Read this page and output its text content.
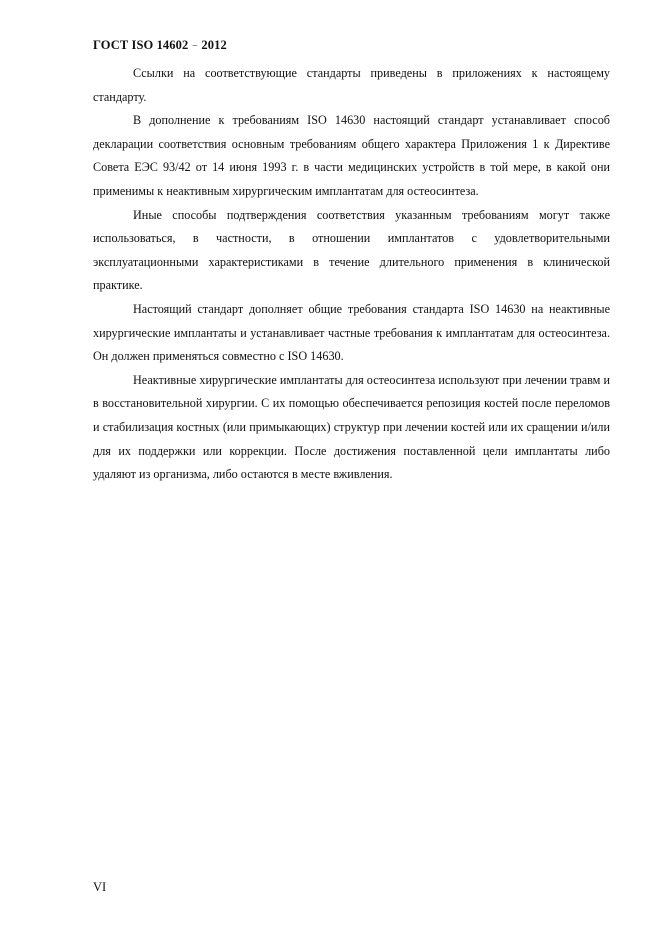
ГОСТ ISO 14602 – 2012

Ссылки на соответствующие стандарты приведены в приложениях к настоящему стандарту.

В дополнение к требованиям ISO 14630 настоящий стандарт устанавливает способ декларации соответствия основным требованиям общего характера Приложения 1 к Директиве Совета ЕЭС 93/42 от 14 июня 1993 г. в части медицинских устройств в той мере, в какой они применимы к неактивным хирургическим имплантатам для остеосинтеза.

Иные способы подтверждения соответствия указанным требованиям могут также использоваться, в частности, в отношении имплантатов с удовлетворительными эксплуатационными характеристиками в течение длительного применения в клинической практике.

Настоящий стандарт дополняет общие требования стандарта ISO 14630 на неактивные хирургические имплантаты и устанавливает частные требования к имплантатам для остеосинтеза. Он должен применяться совместно с ISO 14630.

Неактивные хирургические имплантаты для остеосинтеза используют при лечении травм и в восстановительной хирургии. С их помощью обеспечивается репозиция костей после переломов и стабилизация костных (или примыкающих) структур при лечении костей или их сращении и/или для их поддержки или коррекции. После достижения поставленной цели имплантаты либо удаляют из организма, либо остаются в месте вживления.

VI
